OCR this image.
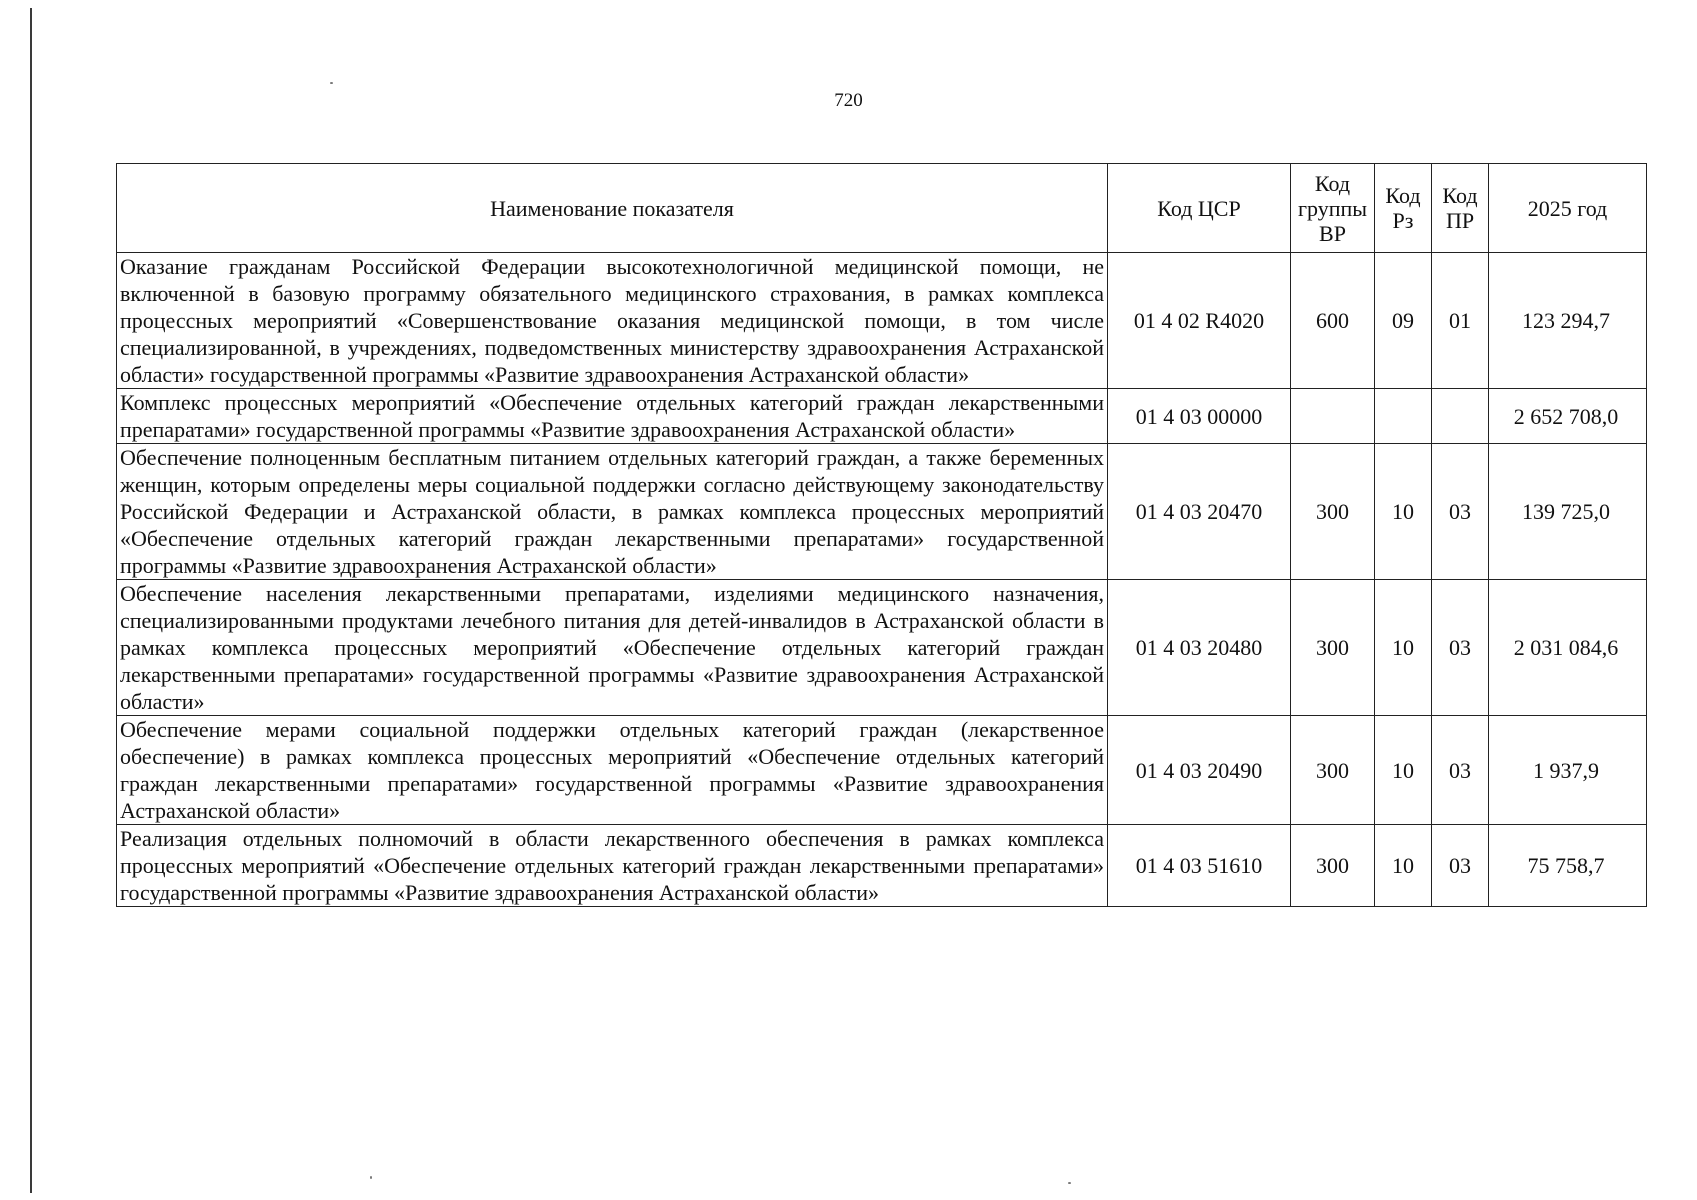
720
Наименование показателя	Код ЦСР	Код группы ВР	Код Рз	Код ПР	2025 год
Оказание гражданам Российской Федерации высокотехнологичной медицинской помощи, не включенной в базовую программу обязательного медицинского страхования, в рамках комплекса процессных мероприятий «Совершенствование оказания медицинской помощи, в том числе специализированной, в учреждениях, подведомственных министерству здравоохранения Астраханской области» государственной программы «Развитие здравоохранения Астраханской области»	01 4 02 R4020	600	09	01	123 294,7
Комплекс процессных мероприятий «Обеспечение отдельных категорий граждан лекарственными препаратами» государственной программы «Развитие здравоохранения Астраханской области»	01 4 03 00000				2 652 708,0
Обеспечение полноценным бесплатным питанием отдельных категорий граждан, а также беременных женщин, которым определены меры социальной поддержки согласно действующему законодательству Российской Федерации и Астраханской области, в рамках комплекса процессных мероприятий «Обеспечение отдельных категорий граждан лекарственными препаратами» государственной программы «Развитие здравоохранения Астраханской области»	01 4 03 20470	300	10	03	139 725,0
Обеспечение населения лекарственными препаратами, изделиями медицинского назначения, специализированными продуктами лечебного питания для детей-инвалидов в Астраханской области в рамках комплекса процессных мероприятий «Обеспечение отдельных категорий граждан лекарственными препаратами» государственной программы «Развитие здравоохранения Астраханской области»	01 4 03 20480	300	10	03	2 031 084,6
Обеспечение мерами социальной поддержки отдельных категорий граждан (лекарственное обеспечение) в рамках комплекса процессных мероприятий «Обеспечение отдельных категорий граждан лекарственными препаратами» государственной программы «Развитие здравоохранения Астраханской области»	01 4 03 20490	300	10	03	1 937,9
Реализация отдельных полномочий в области лекарственного обеспечения в рамках комплекса процессных мероприятий «Обеспечение отдельных категорий граждан лекарственными препаратами» государственной программы «Развитие здравоохранения Астраханской области»	01 4 03 51610	300	10	03	75 758,7
